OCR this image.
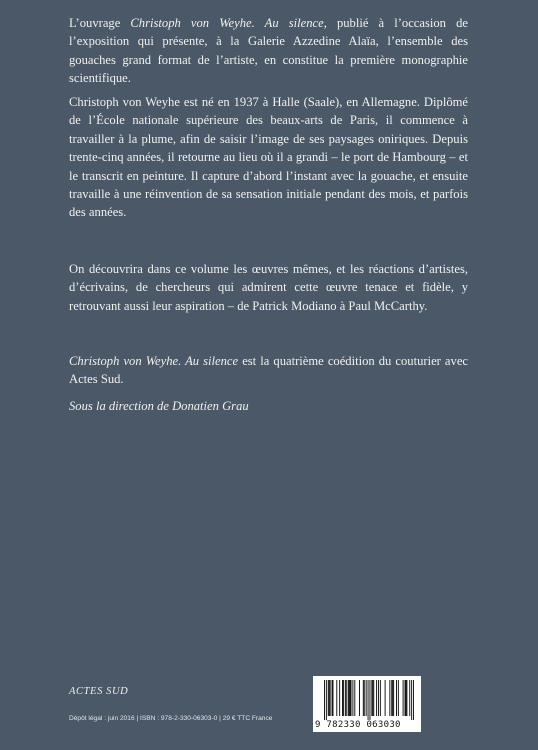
L’ouvrage Christoph von Weyhe. Au silence, publié à l’occasion de l’exposition qui présente, à la Galerie Azzedine Alaïa, l’ensemble des gouaches grand format de l’artiste, en constitue la première monographie scientifique.

Christoph von Weyhe est né en 1937 à Halle (Saale), en Allemagne. Diplômé de l’École nationale supérieure des beaux-arts de Paris, il commence à travailler à la plume, afin de saisir l’image de ses paysages oniriques. Depuis trente-cinq années, il retourne au lieu où il a grandi – le port de Hambourg – et le transcrit en peinture. Il capture d’abord l’instant avec la gouache, et ensuite travaille à une réinvention de sa sensation initiale pendant des mois, et parfois des années.

On découvrira dans ce volume les œuvres mêmes, et les réactions d’artistes, d’écrivains, de chercheurs qui admirent cette œuvre tenace et fidèle, y retrouvant aussi leur aspiration – de Patrick Modiano à Paul McCarthy.

Christoph von Weyhe. Au silence est la quatrième coédition du couturier avec Actes Sud.

Sous la direction de Donatien Grau

ACTES SUD
Dépôt légal : juin 2016 | ISBN : 978-2-330-06303-0 | 29 € TTC France
9 782330 063030
